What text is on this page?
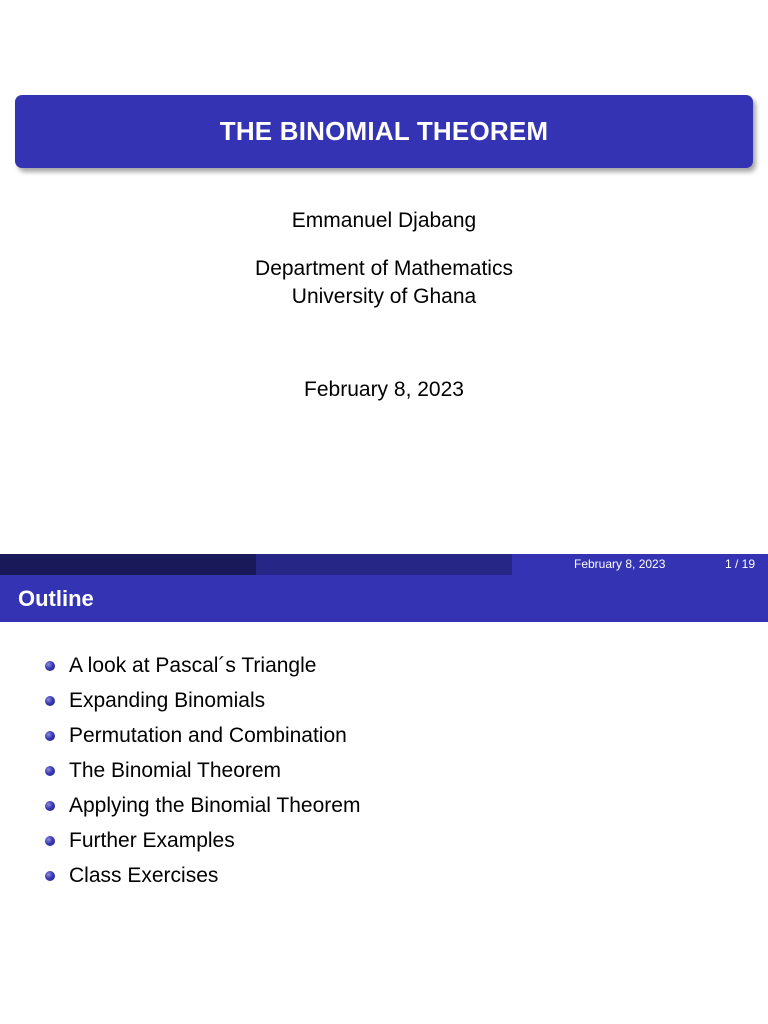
THE BINOMIAL THEOREM
Emmanuel Djabang
Department of Mathematics
University of Ghana
February 8, 2023
February 8, 2023	1 / 19
Outline
A look at Pascal´s Triangle
Expanding Binomials
Permutation and Combination
The Binomial Theorem
Applying the Binomial Theorem
Further Examples
Class Exercises
